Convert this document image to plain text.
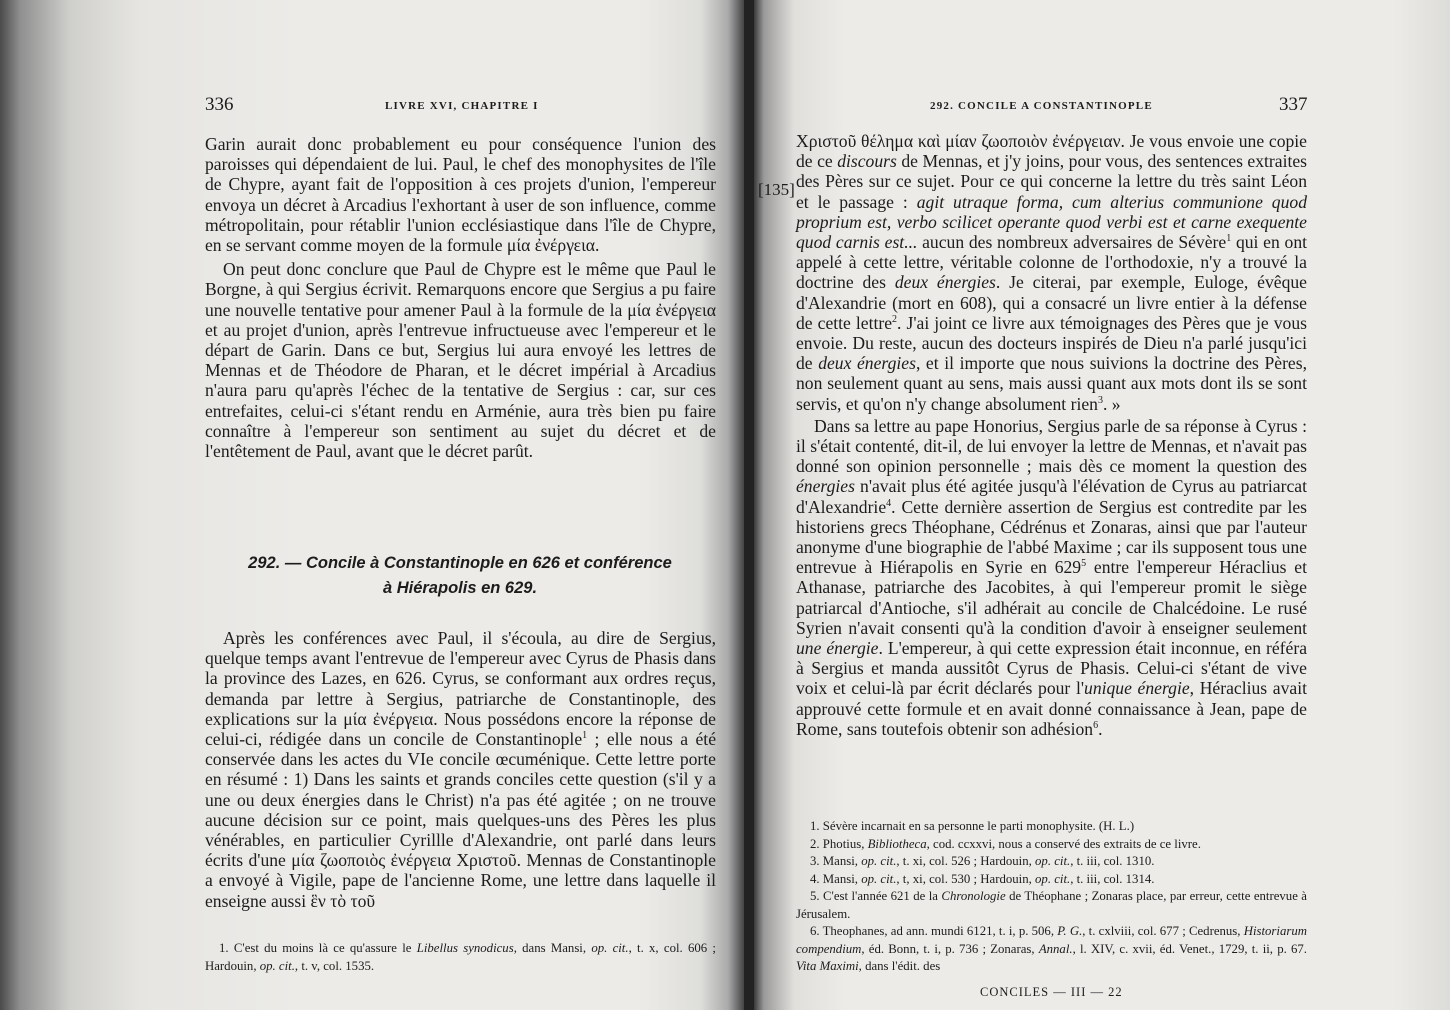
336	LIVRE XVI, CHAPITRE I

Garin aurait donc probablement eu pour conséquence l'union des paroisses qui dépendaient de lui. Paul, le chef des monophysites de l'île de Chypre, ayant fait de l'opposition à ces projets d'union, l'empereur envoya un décret à Arcadius l'exhortant à user de son influence, comme métropolitain, pour rétablir l'union ecclésiastique dans l'île de Chypre, en se servant comme moyen de la formule μία ἐνέργεια.

On peut donc conclure que Paul de Chypre est le même que Paul le Borgne, à qui Sergius écrivit. Remarquons encore que Sergius a pu faire une nouvelle tentative pour amener Paul à la formule de la μία ἐνέργεια et au projet d'union, après l'entrevue infructueuse avec l'empereur et le départ de Garin. Dans ce but, Sergius lui aura envoyé les lettres de Mennas et de Théodore de Pharan, et le décret impérial à Arcadius n'aura paru qu'après l'échec de la tentative de Sergius : car, sur ces entrefaites, celui-ci s'étant rendu en Arménie, aura très bien pu faire connaître à l'empereur son sentiment au sujet du décret et de l'entêtement de Paul, avant que le décret parût.

292. — Concile à Constantinople en 626 et conférence
à Hiérapolis en 629.

Après les conférences avec Paul, il s'écoula, au dire de Sergius, quelque temps avant l'entrevue de l'empereur avec Cyrus de Phasis dans la province des Lazes, en 626. Cyrus, se conformant aux ordres reçus, demanda par lettre à Sergius, patriarche de Constantinople, des explications sur la μία ἐνέργεια. Nous possédons encore la réponse de celui-ci, rédigée dans un concile de Constantinople$^1$ ; elle nous a été conservée dans les actes du VIe concile œcuménique. Cette lettre porte en résumé : 1) Dans les saints et grands conciles cette question (s'il y a une ou deux énergies dans le Christ) n'a pas été agitée ; on ne trouve aucune décision sur ce point, mais quelques-uns des Pères les plus vénérables, en particulier Cyrillle d'Alexandrie, ont parlé dans leurs écrits d'une μία ζωοποιὸς ἐνέργεια Χριστοῦ. Mennas de Constantinople a envoyé à Vigile, pape de l'ancienne Rome, une lettre dans laquelle il enseigne aussi ἓν τὸ τοῦ

1. C'est du moins là ce qu'assure le Libellus synodicus, dans Mansi, op. cit., t. x, col. 606 ; Hardouin, op. cit., t. v, col. 1535.

292. CONCILE A CONSTANTINOPLE	337
[135]

Χριστοῦ θέλημα καὶ μίαν ζωοποιὸν ἐνέργειαν. Je vous envoie une copie de ce discours de Mennas, et j'y joins, pour vous, des sentences extraites des Pères sur ce sujet. Pour ce qui concerne la lettre du très saint Léon et le passage : agit utraque forma, cum alterius communione quod proprium est, verbo scilicet operante quod verbi est et carne exequente quod carnis est... aucun des nombreux adversaires de Sévère$^1$ qui en ont appelé à cette lettre, véritable colonne de l'orthodoxie, n'y a trouvé la doctrine des deux énergies. Je citerai, par exemple, Euloge, évêque d'Alexandrie (mort en 608), qui a consacré un livre entier à la défense de cette lettre$^2$. J'ai joint ce livre aux témoignages des Pères que je vous envoie. Du reste, aucun des docteurs inspirés de Dieu n'a parlé jusqu'ici de deux énergies, et il importe que nous suivions la doctrine des Pères, non seulement quant au sens, mais aussi quant aux mots dont ils se sont servis, et qu'on n'y change absolument rien$^3$. »

Dans sa lettre au pape Honorius, Sergius parle de sa réponse à Cyrus : il s'était contenté, dit-il, de lui envoyer la lettre de Mennas, et n'avait pas donné son opinion personnelle ; mais dès ce moment la question des énergies n'avait plus été agitée jusqu'à l'élévation de Cyrus au patriarcat d'Alexandrie$^4$. Cette dernière assertion de Sergius est contredite par les historiens grecs Théophane, Cédrénus et Zonaras, ainsi que par l'auteur anonyme d'une biographie de l'abbé Maxime ; car ils supposent tous une entrevue à Hiérapolis en Syrie en $629^5$ entre l'empereur Héraclius et Athanase, patriarche des Jacobites, à qui l'empereur promit le siège patriarcal d'Antioche, s'il adhérait au concile de Chalcédoine. Le rusé Syrien n'avait consenti qu'à la condition d'avoir à enseigner seulement une énergie. L'empereur, à qui cette expression était inconnue, en référa à Sergius et manda aussitôt Cyrus de Phasis. Celui-ci s'étant de vive voix et celui-là par écrit déclarés pour l'unique énergie, Héraclius avait approuvé cette formule et en avait donné connaissance à Jean, pape de Rome, sans toutefois obtenir son adhésion$^6$.

1. Sévère incarnait en sa personne le parti monophysite. (H. L.)

2. Photius, Bibliotheca, cod. ccxxvi, nous a conservé des extraits de ce livre.

3. Mansi, op. cit., t. xi, col. 526 ; Hardouin, op. cit., t. iii, col. 1310.

4. Mansi, op. cit., t, xi, col. 530 ; Hardouin, op. cit., t. iii, col. 1314.

5. C'est l'année 621 de la Chronologie de Théophane ; Zonaras place, par erreur, cette entrevue à Jérusalem.

6. Theophanes, ad ann. mundi 6121, t. i, p. 506, P. G., t. cxlviii, col. 677 ; Cedrenus, Historiarum compendium, éd. Bonn, t. i, p. 736 ; Zonaras, Annal., l. XIV, c. xvii, éd. Venet., 1729, t. ii, p. 67. Vita Maximi, dans l'édit. des

CONCILES — III — 22
